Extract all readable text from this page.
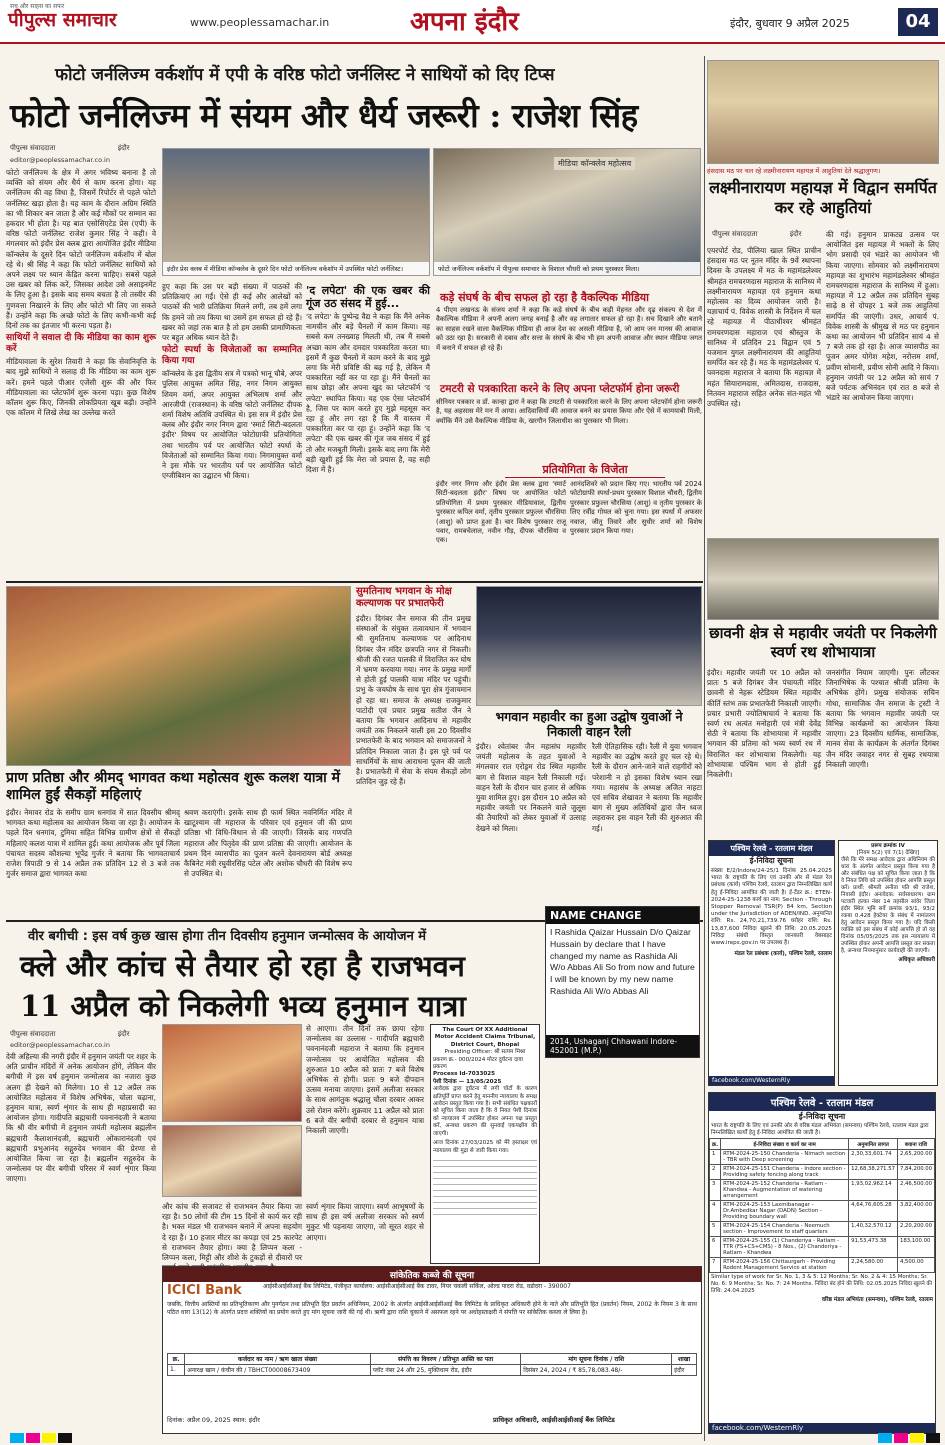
पीपुल्स समाचार
सच और साहस का सफर
www.peoplessamachar.in	अपना इंदौर	इंदौर, बुधवार 9 अप्रैल 2025	04
फोटो जर्नलिज्म वर्कशॉप में एपी के वरिष्ठ फोटो जर्नलिस्ट ने साथियों को दिए टिप्स
फोटो जर्नलिज्म में संयम और धैर्य जरूरी : राजेश सिंह
पीपुल्स संवाददाता	इंदौर
editor@peoplessamachar.co.in

फोटो जर्नलिज्म के क्षेत्र में अगर भविष्य बनाना है तो व्यक्ति को संयम और धैर्य से काम करना होगा। यह जर्नलिज्म की वह विधा है, जिसमें रिपोर्टर से पहले फोटो जर्नलिस्ट खड़ा होता है। यह काम के दौरान अग्रिम स्थिति का भी शिकार बन जाता है और कई मौकों पर सम्मान का हकदार भी होता है। यह बात एसोसिएटेड प्रेस (एपी) के वरिष्ठ फोटो जर्नलिस्ट राजेश कुमार सिंह ने कही। वे मंगलवार को इंदौर प्रेस क्लब द्वारा आयोजित इंदौर मीडिया कॉन्क्लेव के दूसरे दिन फोटो जर्नलिज्म वर्कशॉप में बोल रहे थे। श्री सिंह ने कहा कि फोटो जर्नलिस्ट साथियों को अपने लक्ष्य पर ध्यान केंद्रित करना चाहिए। सबसे पहले उस खबर को लिंक करें, जिसका आदेश उसे असाइनमेंट के लिए हुआ है। इसके बाद समय बचता है तो तस्वीर की गुणवत्ता निखारने के लिए और फोटो भी लिए जा सकते हैं। उन्होंने कहा कि अच्छे फोटो के लिए कभी-कभी कई दिनों तक का इंतजार भी करना पड़ता है।

साथियों ने सवाल दी कि मीडिया का काम शुरू करें

मीडियावाला के सुरेश तिवारी ने कहा कि सेवानिवृत्ति के बाद मुझे साथियों ने सलाह दी कि मीडिया का काम शुरू करें। हमने पहले पीआर एजेंसी शुरू की और फिर मीडियावाला का प्लेटफॉर्म शुरू करना पड़ा। कुछ विशेष कॉलम शुरू किए, जिनकी लोकप्रियता खूब बढ़ी। उन्होंने एक कॉलम में लिखे लेख का उल्लेख करते

इंदौर प्रेस क्लब में मीडिया कॉन्क्लेव के दूसरे दिन फोटो जर्नलिज्म वर्कशॉप में उपस्थित फोटो जर्नलिस्ट।
मीडिया कॉन्क्लेव महोत्सव
फोटो जर्नलिज्म वर्कशॉप में पीपुल्स समाचार के विशाल चौधरी को प्रथम पुरस्कार मिला।

हुए कहा कि उस पर बड़ी संख्या में पाठकों की प्रतिक्रियाएं आ गईं। ऐसे ही कई और आलेखों को पाठकों की भारी प्रतिक्रिया मिलने लगी, तब हमें लगा कि हमने जो तय किया था उसमें हम सफल हो रहे हैं। खबर को जहां तक बात है तो हम उसकी प्रामाणिकता पर बहुत अधिक ध्यान देते हैं।

फोटो स्पर्धा के विजेताओं का सम्मानित किया गया

कॉन्क्लेव के इस द्वितीय सत्र में पत्रको भानू चौबे, अपर पुलिस आयुक्त अमित सिंह, नगर निगम आयुक्त शिवम वर्मा, अपर आयुक्त अभिलाष शर्मा और आरजीपी (राजस्थान) के वरिष्ठ फोटो जर्नलिस्ट दीपक शर्मा विशेष अतिथि उपस्थित थे। इस सत्र में इंदौर प्रेस क्लब और इंदौर नगर निगम द्वारा 'स्मार्ट सिटी-बदलता इंदौर' विषय पर आयोजित फोटोग्राफी प्रतियोगिता तथा भारतीय पर्व पर आयोजित फोटो स्पर्धा के विजेताओं को सम्मानित किया गया। निगमायुक्त वर्मा ने इस मौके पर भारतीय पर्व पर आयोजित फोटो एग्जीबिशन का उद्घाटन भी किया।

'द लपेटा' की एक खबर की गूंज उठ संसद में हुई...

'द लपेटा' के पुष्पेन्द्र वैद्य ने कहा कि मैंने अनेक नामचीन और बड़े चैनलों में काम किया। वह सबसे कम तनख्वाह मिलती थी, तब मैं सबसे अच्छा काम और दमदार पत्रकारिता करता था। इसमें मैं कुछ चैनलों में काम करने के बाद मुझे लगा कि मेरी प्रविष्टि की बढ़ गई है, लेकिन मैं पत्रकारिता नहीं कर पा रहा हूं। मैंने चैनलों का साथ छोड़ा और अपना खुद का प्लेटफॉर्म 'द लपेटा' स्थापित किया। यह एक ऐसा प्लेटफॉर्म है, जिस पर काम करते हुए मुझे महसूस कर रहा हूं और लग रहा है कि मैं वास्तव में पत्रकारिता कर पा रहा हूं। उन्होंने कहा कि 'द लपेटा' की एक खबर की गूंज जब संसद में हुई तो और मजबूती मिली। इसके बाद लगा कि मेरी बड़ी खुशी हुई कि मेरा जो प्रयास है, वह सही दिशा में है।

कड़े संघर्ष के बीच सफल हो रहा है वैकल्पिक मीडिया
4 पीएम लखनऊ के संजय शर्मा ने कहा कि कड़े संघर्ष के बीच कड़ी मेहनत और दृढ़ संकल्प से देश में वैकल्पिक मीडिया ने अपनी अलग जगह बनाई है और वह लगातार सफल हो रहा है। सच दिखाने और बताने का साहस रखने वाला वैकल्पिक मीडिया ही आज देश का असली मीडिया है, जो आम जन मानस की आवाज को उठा रहा है। सरकारी से दबाव और सत्ता के संघर्ष के बीच भी हम अपनी आवाज और स्थान मीडिया जगत में बनाने में सफल हो रहे हैं।
टमटरी से पत्रकारिता करने के लिए अपना प्लेटफॉर्म होना जरूरी
सीनियर पत्रकार व डॉ. कान्हा द्वारा ने कहा कि टमटरी से पत्रकारिता करने के लिए अपना प्लेटफॉर्म होना जरूरी है, यह अहसास मेरे मन में आया। आदिवासियों की आवाज बनने का प्रयास किया और ऐसे में कामयाबी मिली, क्योंकि मैंने उसे वैकल्पिक मीडिया के, खरगौन जिलाधीश का पुरस्कार भी मिला।
प्रतियोगिता के विजेता
इंदौर नगर निगम और इंदौर प्रेस क्लब द्वारा 'स्मार्ट सिटी-बदलता इंदौर' विषय पर आयोजित फोटो प्रतियोगिता में प्रथम पुरस्कार मीडियावाल, द्वितीय पुरस्कार कपिल वर्मा, तृतीय पुरस्कार प्रफुल्ल चौरसिया (आशु) को प्राप्त हुआ है। चार विशेष पुरस्कार राजू पवार, रामबचेलाल, नवीन गौड़, दीपक चौरसिया व एक।
आनंदशिवरे को प्रदान किए गए। भारतीय पर्व 2024 फोटोग्राफी स्पर्धा-प्रथम पुरस्कार विशाल चौधरी, द्वितीय पुरस्कार प्रफुल्ल चौरसिया (आशु) व तृतीय पुरस्कार के लिए रवींद्र गोयल को चुना गया। इस स्पर्धा में अफसर नवाज, जीतू तिवारे और सुधीर शर्मा को विशेष पुरस्कार प्रदान किया गया।
हंसदास मठ पर चल रहे लक्ष्मीनारायण महायज्ञ में आहुतियां देते श्रद्धालुगण।
लक्ष्मीनारायण महायज्ञ में विद्वान समर्पित कर रहे आहुतियां
पीपुल्स संवाददाता	इंदौर
एयरपोर्ट रोड, पीलिया खाल स्थित प्राचीन हंसदास मठ पर नूतन मंदिर के 9वें स्थापना दिवस के उपलक्ष्य में मठ के महामंडलेश्वर श्रीमहंत रामचरणदास महाराज के सानिध्य में लक्ष्मीनारायण महायज्ञ एवं हनुमान कथा महोत्सव का दिव्य आयोजन जारी है। यज्ञाचार्य पं. विवेक शास्त्री के निर्देशन में चल रहे महायज्ञ में पीठाधीश्वर श्रीमहंत रामचरणदास महाराज एवं श्रीस्तुज के सानिध्य में प्रतिदिन 21 विद्वान एवं 5 यजमान युगल लक्ष्मीनारायण की आहुतियां समर्पित कर रहे हैं। मठ के महामंडलेश्वर पं. पवनदास महाराज ने बताया कि महायज्ञ में महंत सियारामदास, अमितदास, राजदास, नितवन महाराज सहित अनेक संत-महंत भी उपस्थित रहे।
की गई। हनुमान प्राकट्य उत्सव पर आयोजित इस महायज्ञ में भक्तों के लिए भोग प्रसादी एवं भंडारे का आयोजन भी किया जाएगा। सोमवार को लक्ष्मीनारायण महायज्ञ का शुभारंभ महामंडलेश्वर श्रीमहंत रामचरणदास महाराज के सानिध्य में हुआ। महायज्ञ में 12 अप्रैल तक प्रतिदिन सुबह साढ़े 8 से दोपहर 1 बजे तक आहुतियां समर्पित की जाएंगी। उधर, आचार्य पं. विवेक शास्त्री के श्रीमुख से मठ पर हनुमान कथा का आयोजन भी प्रतिदिन सायं 4 से 7 बजे तक हो रहा है। आज व्यासपीठ का पूजन अमर योगेश महेश, नरोत्तम शर्मा, प्रवीण सोमानी, प्रवीण सोनी आदि ने किया। हनुमान जयंती पर 12 अप्रैल को सायं 7 बजे पर्यटक अभिनंदन एवं रात 8 बजे से भंडारे का आयोजन किया जाएगा।
छावनी क्षेत्र से महावीर जयंती पर निकलेगी स्वर्ण रथ शोभायात्रा
इंदौर। महावीर जयंती पर 10 अप्रैल को प्रातः 5 बजे दिगंबर जैन पंचायती मंदिर छावनी से नेहरू स्टेडियम स्थित महावीर कीर्ति स्तंभ तक प्रभातफेरी निकाली जाएगी। प्रचार प्रभारी ज्योतिषाचार्य ने बताया कि स्वर्ण रथ अत्यंत मनोहारी एवं मंत्री देवेंद्र सेठी ने बताया कि शोभायात्रा में महावीर भगवान की प्रतिमा को भव्य स्वर्ण रथ में विराजित कर शोभायात्रा निकलेगी। यह शोभायात्रा पश्चिम भाग से होती हुई निकलेगी।
जनसंगीत नियाम जाएगी। पुनः लौटकर जिनाभिषेक के पश्चात श्रीजी प्रतिमा के अभिषेक होंगे। प्रमुख संयोजक सचिन गोधा, सामाजिक जैन समाज के ट्रस्टी ने बताया कि भगवान महावीर जयंती पर विभिन्न कार्यक्रमों का आयोजन किया जाएगा। 23 दिवसीय धार्मिक, सामाजिक, मानव सेवा के कार्यक्रम के अंतर्गत दिगंबर जैन मंदिर जवाहर नगर से सुबह रथयात्रा निकाली जाएगी।
प्राण प्रतिष्ठा और श्रीमद् भागवत कथा महोत्सव शुरू कलश यात्रा में शामिल हुईं सैकड़ों महिलाएं
इंदौर। नेमावर रोड के समीप ग्राम धनगांव में सात दिवसीय श्रीमद् भागवत कथा महोत्सव का आयोजन किया जा रहा है। आयोजन के पहले दिन धनगांव, टुमिया सहित विभिन्न ग्रामीण क्षेत्रों से सैंकड़ों महिलाएं कलश यात्रा में शामिल हुईं। कथा आयोजक और पूर्व जिला पंचायत सदस्य कौशल्या भूपेंद्र गुर्जर ने बताया कि भागवताचार्य राजेश त्रिपाठी 9 से 14 अप्रैल तक प्रतिदिन 12 से 3 बजे तक गुर्जर समाज द्वारा भागवत कथा
श्रवण कराएंगी। इसके साथ ही फार्म स्थित नवनिर्मित मंदिर में खाटूश्याम जी महाराज के परिवार एवं हनुमान जी की प्राण प्रतिष्ठा भी विधि-विधान से की जाएगी। जिसके बाद गणपति महाराज और पितृदेव की प्राण प्रतिष्ठा की जाएगी। आयोजन के प्रथम दिन व्यासपीठ का पूजन करने देवनारायण बोर्ड अध्यक्ष कैबिनेट मंत्री रघुवीरसिंह पटेल और अशोक चौधरी की विशेष रूप से उपस्थित थे।
सुमतिनाथ भगवान के मोक्ष कल्याणक पर प्रभातफेरी
इंदौर। दिगंबर जैन समाज की तीन प्रमुख संस्थाओं के संयुक्त तत्वावधान में भगवान श्री सुमतिनाथ कल्याणक पर आदिनाथ दिगंबर जैन मंदिर छत्रपति नगर से निकली। श्रीजी की रजत पालकी में विराजित कर घोष में भ्रमण करवाया गया। नगर के प्रमुख मार्गों से होती हुई पालकी यात्रा मंदिर पर पहुंची। प्रभु के जयघोष के साथ पूरा क्षेत्र गुंजायमान हो रहा था। समाज के अध्यक्ष राजकुमार पाटोदी एवं प्रचार प्रमुख सतीश जैन ने बताया कि भगवान आदिनाथ से महावीर जयंती तक निकलने वाली इस 20 दिवसीय प्रभातफेरी के बाद भगवान को समाजजनों ने प्रतिदिन निकाला जाता है। इस पूरे पर्व पर साधर्मियों के साथ आराधना पूजन की जाती है। प्रभातफेरी में सेवा के संयम सैकड़ों लोग प्रतिदिन जुड़ रहे हैं।
भगवान महावीर का हुआ उद्घोष युवाओं ने निकाली वाहन रैली
इंदौर। श्वेतांबर जैन महासंघ महावीर जयंती महोत्सव के तहत युवाओं ने मंगलवार रात एरोड्रम रोड स्थित महावीर बाग से विशाल वाहन रैली निकाली गई। वाहन रैली के दौरान चार हजार से अधिक युवा शामिल हुए। इस दौरान 10 अप्रैल को महावीर जयंती पर निकलने वाले जुलूस की तैयारियों को लेकर युवाओं में उत्साह देखने को मिला।
रैली ऐतिहासिक रही। रैली में युवा भगवान महावीर का उद्घोष करते हुए चल रहे थे। रैली के दौरान आने-जाने वाले राहगीरों को परेशानी न हो इसका विशेष ध्यान रखा गया। महासंघ के अध्यक्ष अजित नाहटा एवं सचिव शेखावत ने बताया कि महावीर बाग से मुख्य अतिथियों द्वारा जैन ध्वज लहराकर इस वाहन रैली की शुरुआत की गई।
वीर बगीची : इस वर्ष कुछ खास होगा तीन दिवसीय हनुमान जन्मोत्सव के आयोजन में
क्ले और कांच से तैयार हो रहा है राजभवन
11 अप्रैल को निकलेगी भव्य हनुमान यात्रा
पीपुल्स संवाददाता	इंदौर
editor@peoplessamachar.co.in
देवी अहिल्या की नगरी इंदौर में हनुमान जयंती पर शहर के अति प्राचीन मंदिरों में अनेक आयोजन होंगे, लेकिन वीर बगीची में इस वर्ष हनुमान जन्मोत्सव का नजारा कुछ अलग ही देखने को मिलेगा। 10 से 12 अप्रैल तक आयोजित महोत्सव में विशेष अभिषेक, चोला चढ़ाना, हनुमान यात्रा, स्वर्ण शृंगार के साथ ही महाप्रसादी का आयोजन होगा। गादीपति ब्रह्मचारी पवनानंदजी ने बताया कि श्री वीर बगीची में हनुमान जयंती महोत्सव ब्रह्मलीन ब्रह्मचारी कैलाशानंदजी, ब्रह्मचारी ओंकारानंदजी एवं ब्रह्मचारी प्रभुआनंद सद्गुरुदेव भगवान की प्रेरणा से आयोजित किया जा रहा है। ब्रह्मलीन सद्गुरुदेव के जन्मोत्सव पर वीर बगीची परिसर में स्वर्ण शृंगार किया जाएगा।
से आएगा। तीन दिनों तक छाया रहेगा जन्मोत्सव का उल्लास - गादीपति ब्रह्मचारी पवनानंदजी महाराज ने बताया कि हनुमान जन्मोत्सव पर आयोजित महोत्सव की शुरुआत 10 अप्रैल को प्रातः 7 बजे विशेष अभिषेक से होगी। प्रातः 9 बजे दीपदान उत्सव मनाया जाएगा। इसमें अलीजा सरकार के साथ आगंतुक श्रद्धालु चौला दरबार आकर उसे रोशन करेंगे। शुक्रवार 11 अप्रैल को प्रातः 6 बजे वीर बगीची दरबार से हनुमान यात्रा निकाली जाएगी।
और कांच की सजावट से राजभवन तैयार किया जा रहा है। 50 लोगों की टीम 15 दिनों से कार्य कर रही है। भक्त मंडल भी राजभवन बनाने में अपना सहयोग दे रहा है। 10 हजार मीटर का कपड़ा एवं 25 कारपेट से राजभवन तैयार होगा। क्या है लिप्पन कला - लिप्पन कला, मिट्टी और शीशे के टुकड़ों से दीवारों पर
स्वर्ण शृंगार किया जाएगा। स्वर्ण आभूषणों के साथ ही इस वर्ष अलीजा सरकार को स्वर्ण मुकुट भी पहनाया जाएगा, जो सूरत शहर से आएगा।
The Court Of XX Additional Motor Accident Claims Tribunal, District Court, Bhopal
Presiding Officer: श्री सत्यम मिश्रा
प्रकरण क्र.- 000/2024 मोटर दुर्घटना दावा प्रकरण
Process Id-7033025
पेशी दिनांक — 13/05/2025
आवेदक द्वारा दुर्घटना में लगी चोटों के कारण क्षतिपूर्ति प्राप्त करने हेतु माननीय न्यायालय के समक्ष आवेदन प्रस्तुत किया गया है। सभी संबंधित पक्षकारों को सूचित किया जाता है कि वे नियत पेशी दिनांक को न्यायालय में उपस्थित होकर अपना पक्ष प्रस्तुत करें, अन्यथा प्रकरण की सुनवाई एकपक्षीय की जाएगी।
आज दिनांक 27/03/2025 को मेरे हस्ताक्षर एवं न्यायालय की मुद्रा से जारी किया गया।
NAME CHANGE
I Rashida Qaizar Hussain D/o Qaizar Hussain by declare that I have changed my name as Rashida Ali W/o Abbas Ali So from now and future I will be known by my new name Rashida Ali W/o Abbas Ali
2014, Ushaganj Chhawani Indore- 452001 (M.P.)
सांकेतिक कब्जे की सूचना
ICICI Bank	आईसीआईसीआई बैंक लिमिटेड, पंजीकृत कार्यालय: आईसीआईसीआई बैंक टावर, नियर चकली सर्किल, ओल्ड पादरा रोड, वडोदरा - 390007
जबकि, वित्तीय आस्तियों का प्रतिभूतिकरण और पुनर्गठन तथा प्रतिभूति हित प्रवर्तन अधिनियम, 2002 के अंतर्गत आईसीआईसीआई बैंक लिमिटेड के प्राधिकृत अधिकारी होने के नाते और प्रतिभूति हित (प्रवर्तन) नियम, 2002 के नियम 3 के साथ पठित धारा 13(12) के अंतर्गत प्रदत्त शक्तियों का प्रयोग करते हुए मांग सूचना जारी की गई थी। ऋणी द्वारा राशि चुकाने में असफल रहने पर अधोहस्ताक्षरी ने संपत्ति पर सांकेतिक कब्जा ले लिया है।
क्र.	कर्जदार का नाम / ऋण खाता संख्या	संपत्ति का विवरण / प्रतिभूत आस्ति का पता	मांग सूचना दिनांक / राशि	शाखा
1.	अनारक्ष खान / कंचीन की / TBHCT00008673409	प्लॉट नंबर 24 और 25, मुक्तिधाम रोड, इंदौर	दिसंबर 24, 2024 / ₹ 85,78,083.48/-	इंदौर
दिनांक: अप्रैल 09, 2025 स्थान: इंदौर	प्राधिकृत अधिकारी, आईसीआईसीआई बैंक लिमिटेड
पश्चिम रेलवे - रतलाम मंडल
ई-निविदा सूचना
संख्या E/2/Indore/24-25/1 दिनांक 25.04.2025 भारत के राष्ट्रपति के लिए एवं उनकी ओर से मंडल रेल प्रबंधक (कार्य) पश्चिम रेलवे, रतलाम द्वारा निम्नलिखित कार्य हेतु ई-निविदा आमंत्रित की जाती है। ई-टेंडर क्र.: ETEN-2024-25-1238 कार्य का नाम: Section - Through Stopper Removal TSR(P) 84 km, Section under the Jurisdiction of ADEN/IND. अनुमानित राशि: Rs. 24,70,21,739.76 धरोहर राशि: Rs. 13,87,600 निविदा खुलने की तिथि: 20.05.2025 निविदा संबंधी विस्तृत जानकारी वेबसाइट www.ireps.gov.in पर उपलब्ध है।
मंडल रेल प्रबंधक (कार्य), पश्चिम रेलवे, रतलाम
facebook.com/WesternRly
पश्चिम रेलवे - रतलाम मंडल
ई-निविदा सूचना
भारत के राष्ट्रपति के लिए एवं उनकी ओर से वरिष्ठ मंडल अभियंता (समन्वय) पश्चिम रेलवे, रतलाम मंडल द्वारा निम्नलिखित कार्यों हेतु ई-निविदा आमंत्रित की जाती है।
क्र.	ई-निविदा संख्या व कार्य का नाम	अनुमानित लागत	बयाना राशि
1	RTM-2024-25-150 Chanderia - Nimach section - TBR with Deep screening	2,30,33,601.74	2,65,200.00
2	RTM-2024-25-151 Chanderia - Indore section - Providing safety fencing along track	12,68,38,271.57	7,84,200.00
3	RTM-2024-25-152 Chanderia - Ratlam - Khandwa - Augmentation of watering arrangement	1,93,02,962.14	2,46,500.00
4	RTM-2024-25-153 Laxmibanagar - Dr.Ambedkar Nagar (DADN) Section - Providing boundary wall	4,64,76,605.28	3,82,400.00
5	RTM-2024-25-154 Chanderia - Neemuch section - Improvement to staff quarters	1,40,32,570.12	2,20,200.00
6	RTM-2024-25-155 (1) Chanderiya - Ratlam - TTR (FS+CS+CMS) - 8 Nos., (2) Chanderiya - Ratlam - Khandwa	91,53,473.38	183,100.00
7	RTM-2024-25-156 Chittaurgarh - Providing Rodent Management Service at station	2,24,580.00	4,500.00
Similar type of work for Sr. No. 1, 3 & 5: 12 Months; Sr. No. 2 & 4: 15 Months; Sr. No. 6: 9 Months; Sr. No. 7: 24 Months. निविदा बंद होने की तिथि: 02.05.2025 निविदा खुलने की तिथि: 24.04.2025
वरिष्ठ मंडल अभियंता (समन्वय), पश्चिम रेलवे, रतलाम
facebook.com/WesternRly
प्ररूप क्रमांक IV
[नियम 5(2) एवं 7(1) देखिए]
जैसे कि मेरे समक्ष आवेदक द्वारा अधिनियम की धारा के अंतर्गत आवेदन प्रस्तुत किया गया है और संबंधित पक्ष को सूचित किया जाता है कि वे नियत तिथि को उपस्थित होकर आपत्ति प्रस्तुत करें। प्रार्थी: श्रीमती अनीता पति श्री राजेश, निवासी इंदौर। अनावेदक: सर्वसाधारण। ग्राम पटवारी हल्का नंबर 14 तहसील सांवेर जिला इंदौर स्थित भूमि सर्वे क्रमांक 93/1, 93/2 रकबा 0.428 हेक्टेयर के संबंध में नामांतरण हेतु आवेदन प्रस्तुत किया गया है। यदि किसी व्यक्ति को इस संबंध में कोई आपत्ति हो तो वह दिनांक 05/05/2025 तक इस न्यायालय में उपस्थित होकर अपनी आपत्ति प्रस्तुत कर सकता है, अन्यथा नियमानुसार कार्यवाही की जाएगी।
अधिकृत अधिकारी
